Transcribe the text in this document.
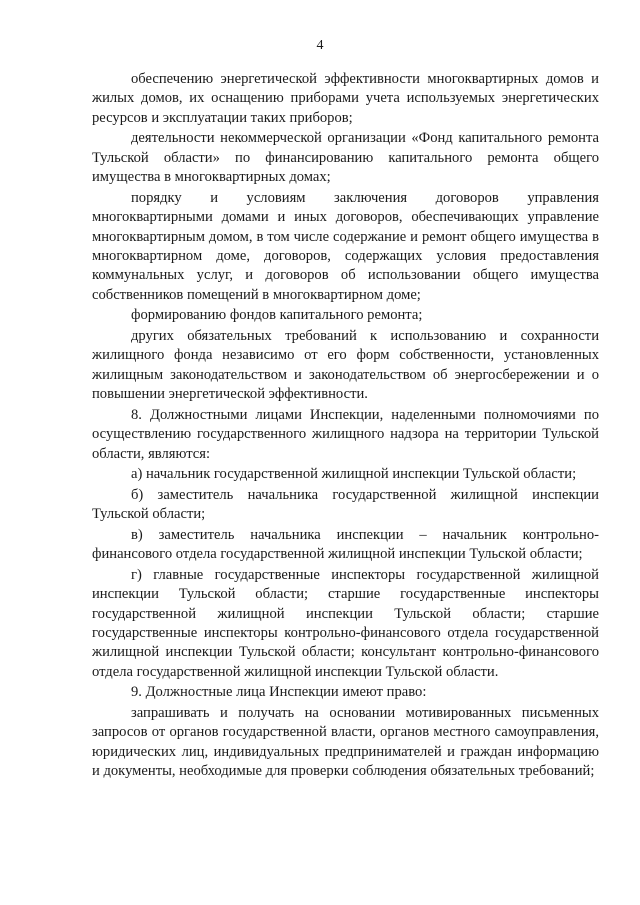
4

обеспечению энергетической эффективности многоквартирных домов и жилых домов, их оснащению приборами учета используемых энергетических ресурсов и эксплуатации таких приборов;

деятельности некоммерческой организации «Фонд капитального ремонта Тульской области» по финансированию капитального ремонта общего имущества в многоквартирных домах;

порядку и условиям заключения договоров управления многоквартирными домами и иных договоров, обеспечивающих управление многоквартирным домом, в том числе содержание и ремонт общего имущества в многоквартирном доме, договоров, содержащих условия предоставления коммунальных услуг, и договоров об использовании общего имущества собственников помещений в многоквартирном доме;

формированию фондов капитального ремонта;

других обязательных требований к использованию и сохранности жилищного фонда независимо от его форм собственности, установленных жилищным законодательством и законодательством об энергосбережении и о повышении энергетической эффективности.

8. Должностными лицами Инспекции, наделенными полномочиями по осуществлению государственного жилищного надзора на территории Тульской области, являются:

а) начальник государственной жилищной инспекции Тульской области;

б) заместитель начальника государственной жилищной инспекции Тульской области;

в) заместитель начальника инспекции – начальник контрольно-финансового отдела государственной жилищной инспекции Тульской области;

г) главные государственные инспекторы государственной жилищной инспекции Тульской области; старшие государственные инспекторы государственной жилищной инспекции Тульской области; старшие государственные инспекторы контрольно-финансового отдела государственной жилищной инспекции Тульской области; консультант контрольно-финансового отдела государственной жилищной инспекции Тульской области.

9. Должностные лица Инспекции имеют право:

запрашивать и получать на основании мотивированных письменных запросов от органов государственной власти, органов местного самоуправления, юридических лиц, индивидуальных предпринимателей и граждан информацию и документы, необходимые для проверки соблюдения обязательных требований;
